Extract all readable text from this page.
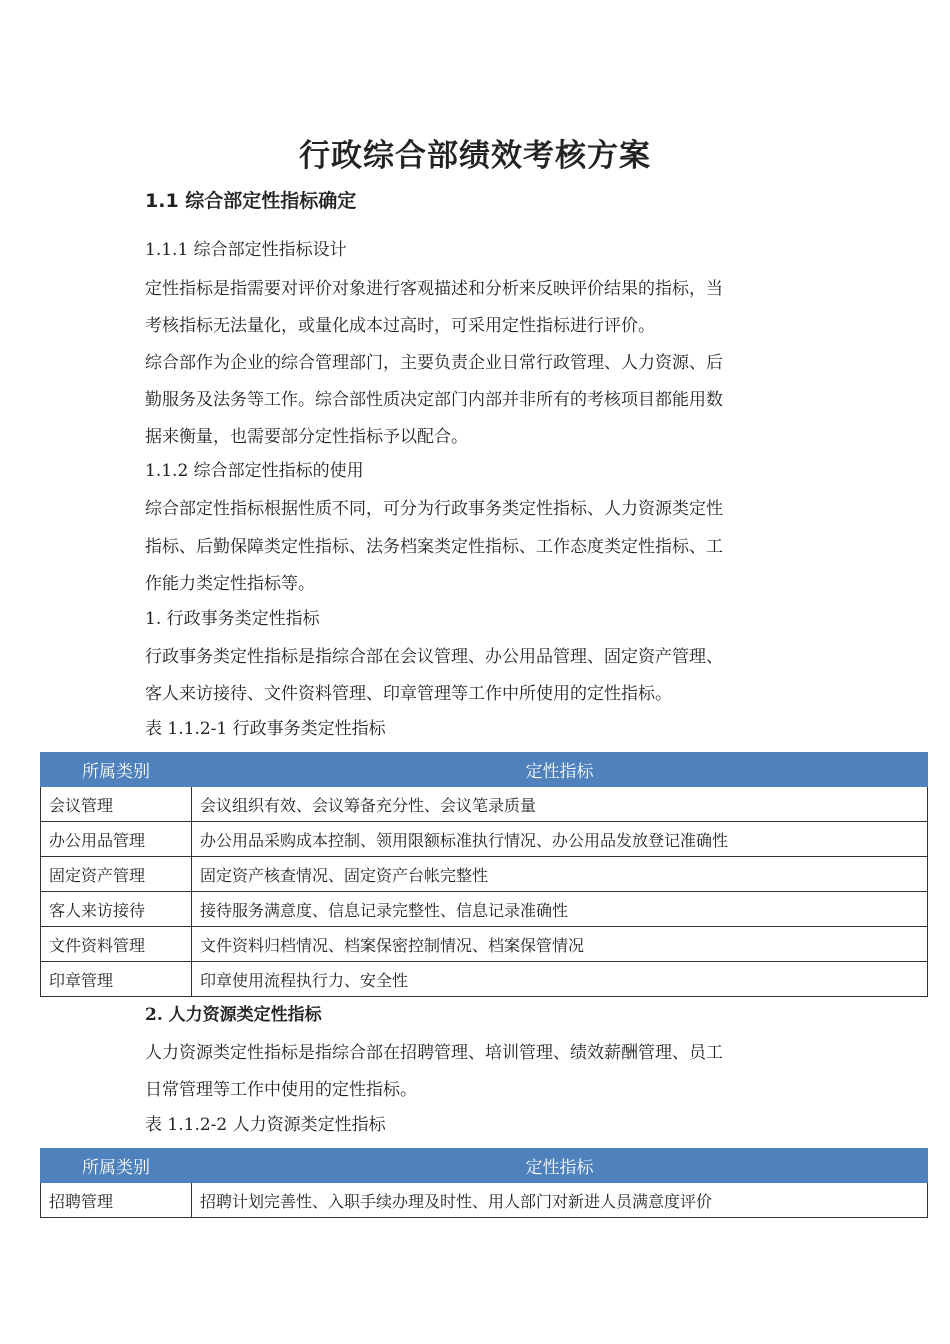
行政综合部绩效考核方案
1.1 综合部定性指标确定

1.1.1 综合部定性指标设计

定性指标是指需要对评价对象进行客观描述和分析来反映评价结果的指标，当

考核指标无法量化，或量化成本过高时，可采用定性指标进行评价。

综合部作为企业的综合管理部门，主要负责企业日常行政管理、人力资源、后

勤服务及法务等工作。综合部性质决定部门内部并非所有的考核项目都能用数

据来衡量，也需要部分定性指标予以配合。

1.1.2 综合部定性指标的使用

综合部定性指标根据性质不同，可分为行政事务类定性指标、人力资源类定性

指标、后勤保障类定性指标、法务档案类定性指标、工作态度类定性指标、工

作能力类定性指标等。

1. 行政事务类定性指标

行政事务类定性指标是指综合部在会议管理、办公用品管理、固定资产管理、

客人来访接待、文件资料管理、印章管理等工作中所使用的定性指标。

表 1.1.2-1 行政事务类定性指标

所属类别	定性指标
会议管理	会议组织有效、会议筹备充分性、会议笔录质量
办公用品管理	办公用品采购成本控制、领用限额标准执行情况、办公用品发放登记准确性
固定资产管理	固定资产核查情况、固定资产台帐完整性
客人来访接待	接待服务满意度、信息记录完整性、信息记录准确性
文件资料管理	文件资料归档情况、档案保密控制情况、档案保管情况
印章管理	印章使用流程执行力、安全性

2. 人力资源类定性指标

人力资源类定性指标是指综合部在招聘管理、培训管理、绩效薪酬管理、员工

日常管理等工作中使用的定性指标。

表 1.1.2-2 人力资源类定性指标

所属类别	定性指标
招聘管理	招聘计划完善性、入职手续办理及时性、用人部门对新进人员满意度评价
